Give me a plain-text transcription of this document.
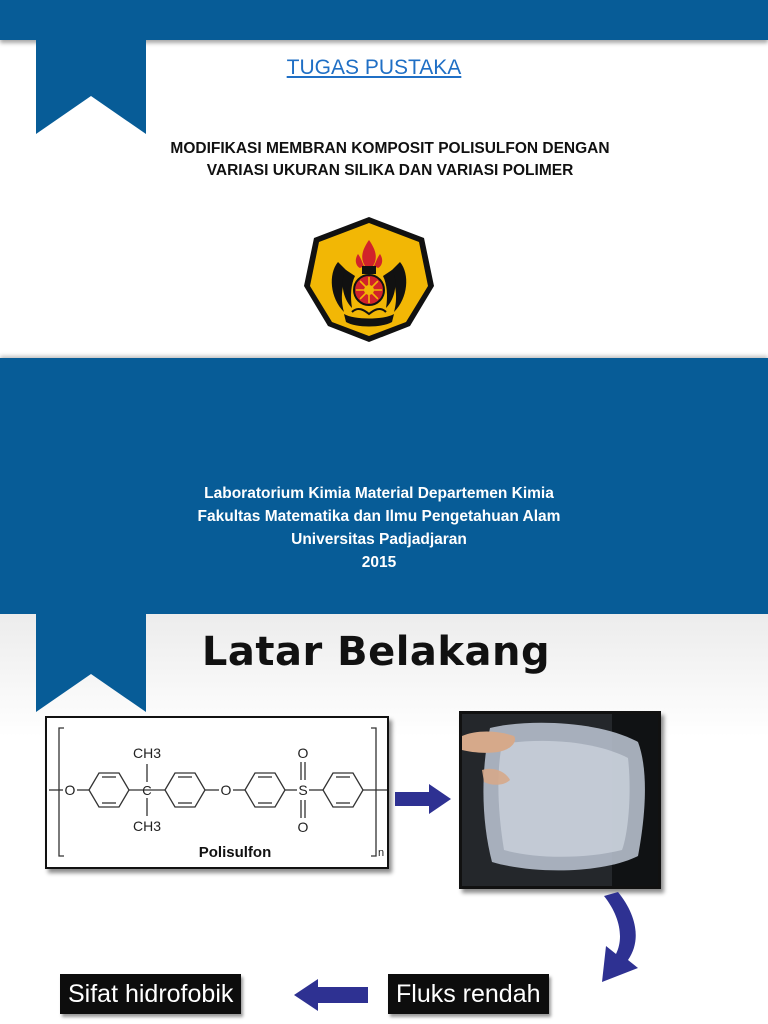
TUGAS PUSTAKA
MODIFIKASI MEMBRAN KOMPOSIT POLISULFON DENGAN
VARIASI UKURAN SILIKA DAN VARIASI POLIMER
Laboratorium Kimia Material Departemen Kimia
Fakultas Matematika dan Ilmu Pengetahuan Alam
Universitas Padjadjaran
2015
Latar Belakang
O
CH3
C
CH3
O
O
S
O
n
Polisulfon
Fluks rendah
Sifat hidrofobik
